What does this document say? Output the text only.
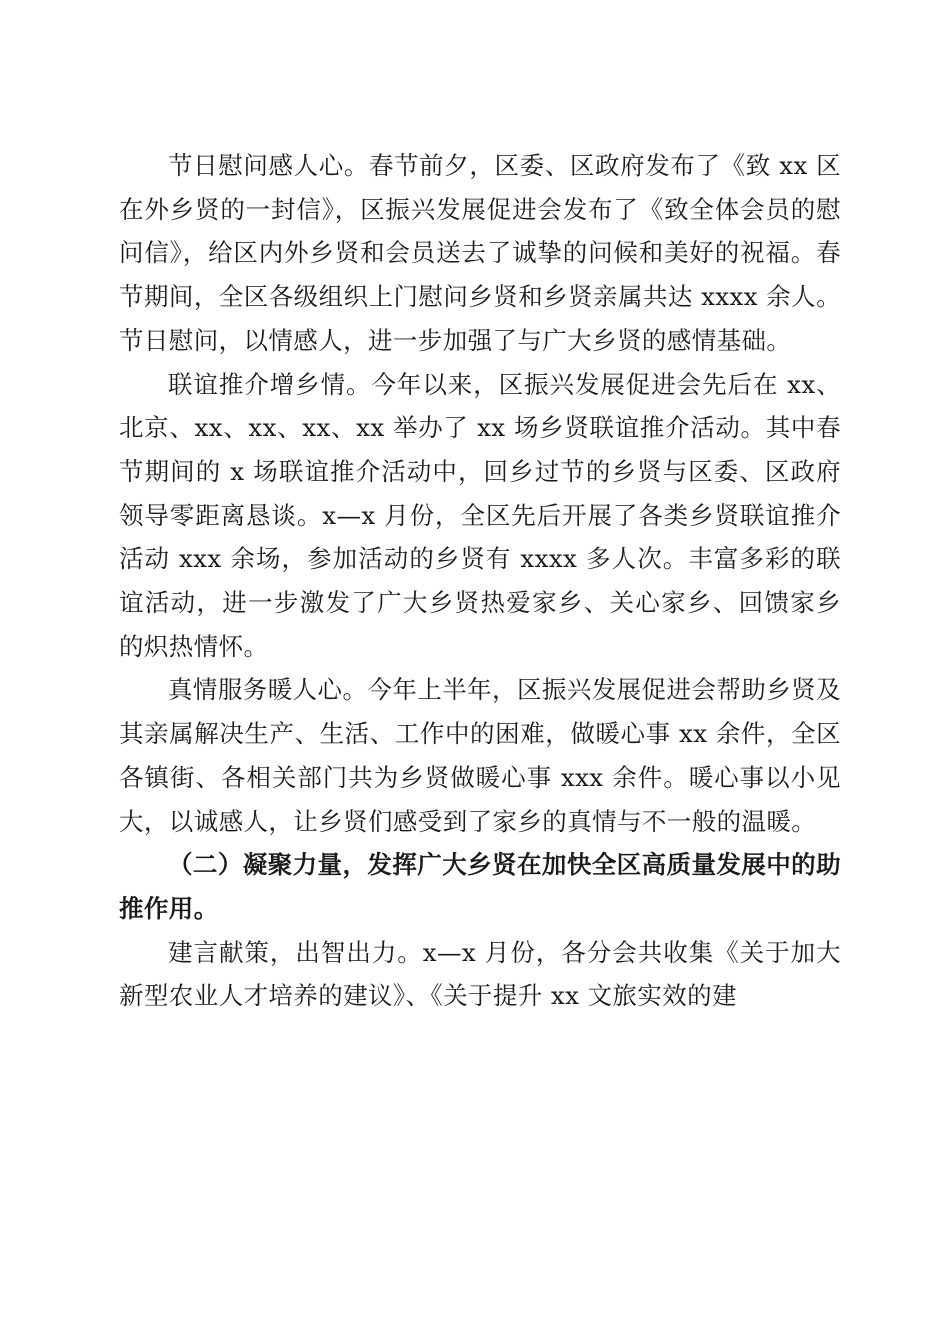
节日慰问感人心。春节前夕，区委、区政府发布了《致 xx 区在外乡贤的一封信》，区振兴发展促进会发布了《致全体会员的慰问信》，给区内外乡贤和会员送去了诚挚的问候和美好的祝福。春节期间，全区各级组织上门慰问乡贤和乡贤亲属共达 xxxx 余人。节日慰问，以情感人，进一步加强了与广大乡贤的感情基础。

联谊推介增乡情。今年以来，区振兴发展促进会先后在 xx、北京、xx、xx、xx、xx 举办了 xx 场乡贤联谊推介活动。其中春节期间的 x 场联谊推介活动中，回乡过节的乡贤与区委、区政府领导零距离恳谈。x—x 月份，全区先后开展了各类乡贤联谊推介活动 xxx 余场，参加活动的乡贤有 xxxx 多人次。丰富多彩的联谊活动，进一步激发了广大乡贤热爱家乡、关心家乡、回馈家乡的炽热情怀。

真情服务暖人心。今年上半年，区振兴发展促进会帮助乡贤及其亲属解决生产、生活、工作中的困难，做暖心事 xx 余件，全区各镇街、各相关部门共为乡贤做暖心事 xxx 余件。暖心事以小见大，以诚感人，让乡贤们感受到了家乡的真情与不一般的温暖。

（二）凝聚力量，发挥广大乡贤在加快全区高质量发展中的助推作用。

建言献策，出智出力。x—x 月份，各分会共收集《关于加大新型农业人才培养的建议》、《关于提升 xx 文旅实效的建
